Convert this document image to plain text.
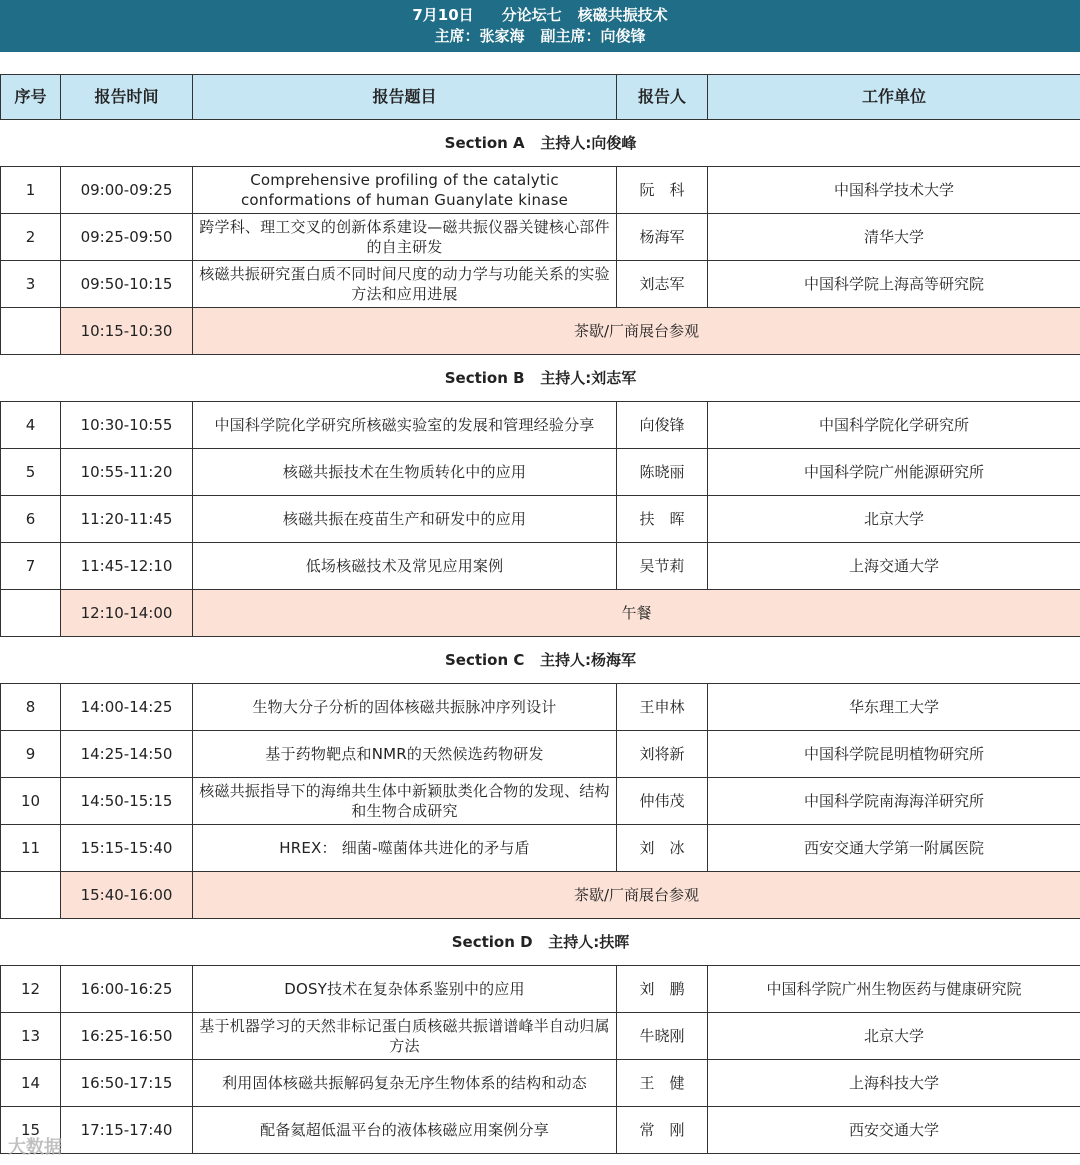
7月10日 分论坛七 核磁共振技术
主席：张家海 副主席：向俊锋
序号	报告时间	报告题目	报告人	工作单位
Section A   主持人:向俊峰				
1	09:00-09:25	Comprehensive profiling of the catalytic conformations of human Guanylate kinase	阮　科	中国科学技术大学
2	09:25-09:50	跨学科、理工交叉的创新体系建设—磁共振仪器关键核心部件的自主研发	杨海军	清华大学
3	09:50-10:15	核磁共振研究蛋白质不同时间尺度的动力学与功能关系的实验方法和应用进展	刘志军	中国科学院上海高等研究院
	10:15-10:30	茶歇/厂商展台参观		
Section B   主持人:刘志军				
4	10:30-10:55	中国科学院化学研究所核磁实验室的发展和管理经验分享	向俊锋	中国科学院化学研究所
5	10:55-11:20	核磁共振技术在生物质转化中的应用	陈晓丽	中国科学院广州能源研究所
6	11:20-11:45	核磁共振在疫苗生产和研发中的应用	扶　晖	北京大学
7	11:45-12:10	低场核磁技术及常见应用案例	吴节莉	上海交通大学
	12:10-14:00	午餐		
Section C   主持人:杨海军				
8	14:00-14:25	生物大分子分析的固体核磁共振脉冲序列设计	王申林	华东理工大学
9	14:25-14:50	基于药物靶点和NMR的天然候选药物研发	刘将新	中国科学院昆明植物研究所
10	14:50-15:15	核磁共振指导下的海绵共生体中新颖肽类化合物的发现、结构和生物合成研究	仲伟茂	中国科学院南海海洋研究所
11	15:15-15:40	HREX： 细菌-噬菌体共进化的矛与盾	刘　冰	西安交通大学第一附属医院
	15:40-16:00	茶歇/厂商展台参观		
Section D   主持人:扶晖				
12	16:00-16:25	DOSY技术在复杂体系鉴别中的应用	刘　鹏	中国科学院广州生物医药与健康研究院
13	16:25-16:50	基于机器学习的天然非标记蛋白质核磁共振谱谱峰半自动归属方法	牛晓刚	北京大学
14	16:50-17:15	利用固体核磁共振解码复杂无序生物体系的结构和动态	王　健	上海科技大学
15	17:15-17:40	配备氦超低温平台的液体核磁应用案例分享	常　刚	西安交通大学
大数据
